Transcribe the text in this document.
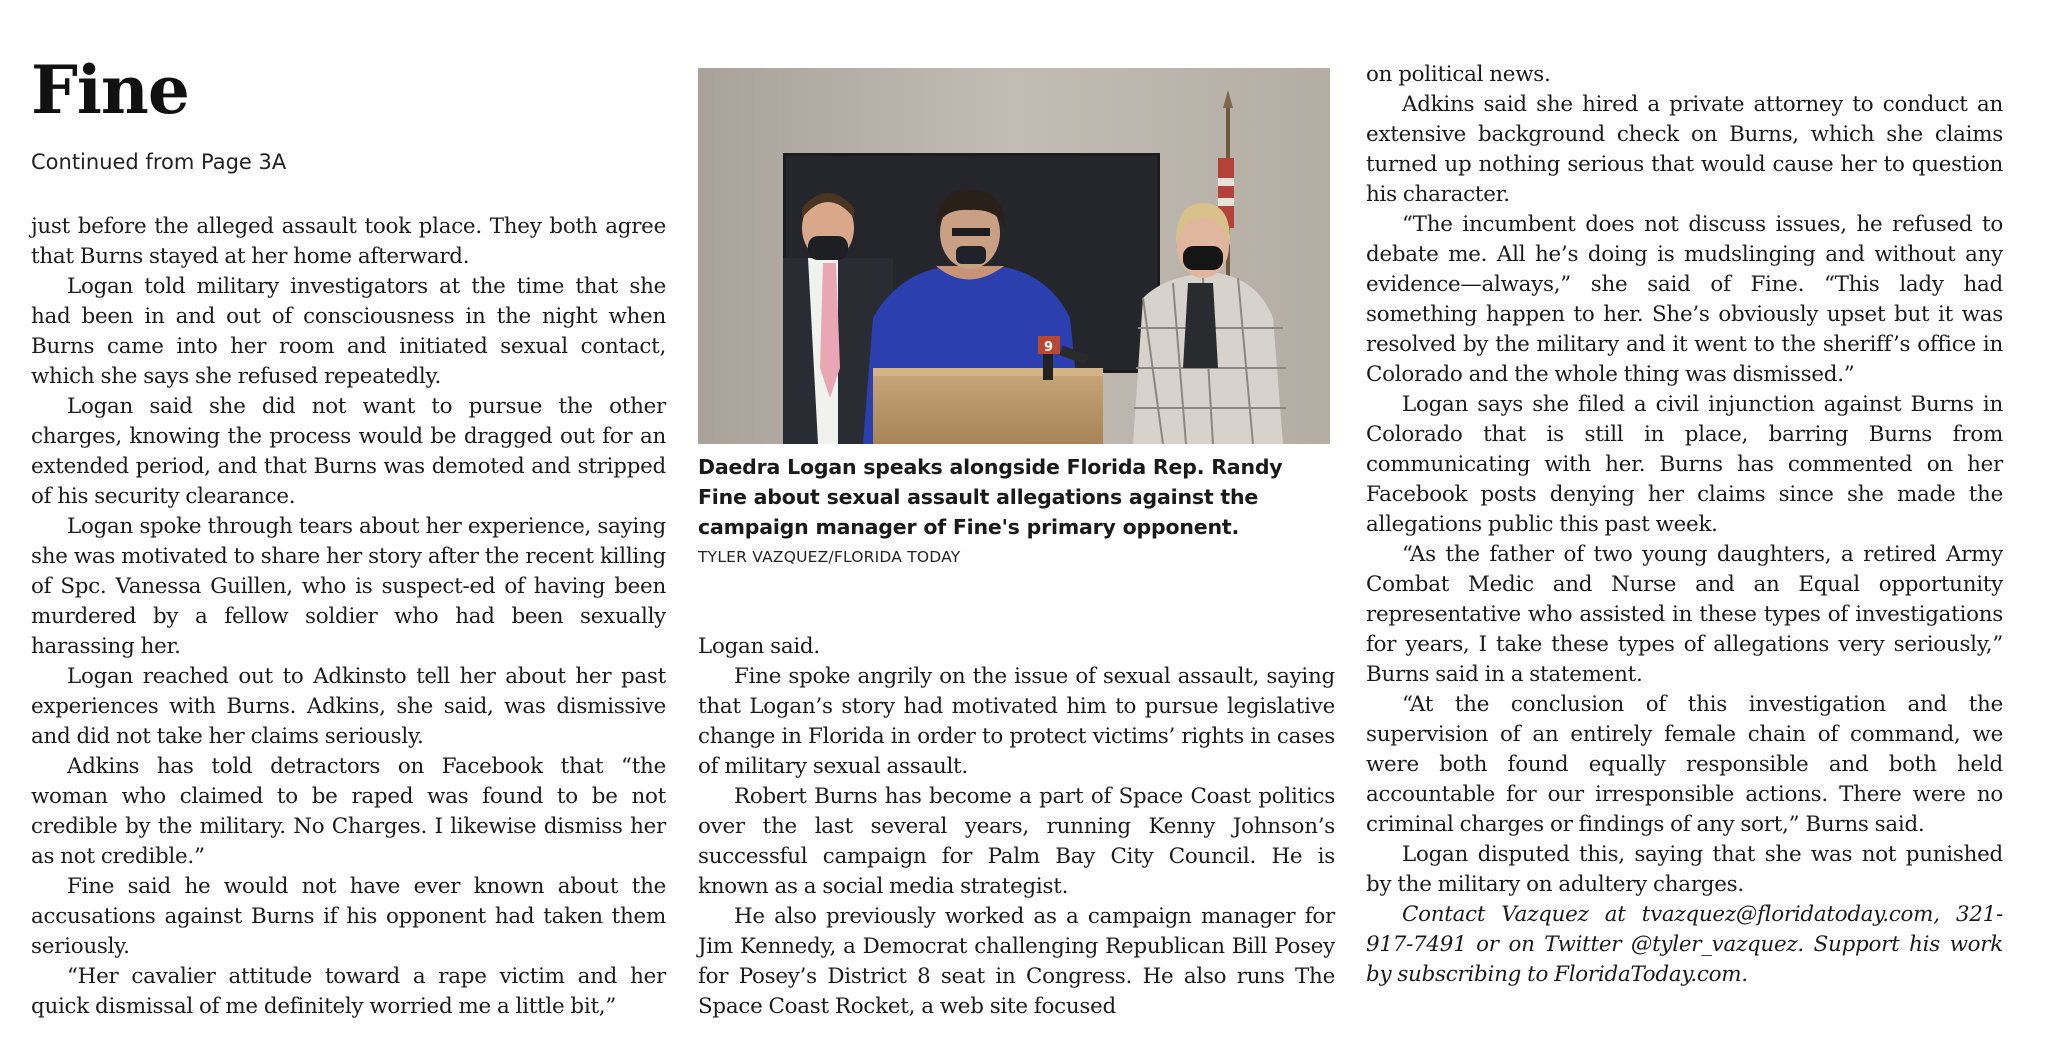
Fine
Continued from Page 3A

just before the alleged assault took place. They both agree that Burns stayed at her home afterward.

Logan told military investigators at the time that she had been in and out of consciousness in the night when Burns came into her room and initiated sexual contact, which she says she refused repeatedly.

Logan said she did not want to pursue the other charges, knowing the process would be dragged out for an extended period, and that Burns was demoted and stripped of his security clearance.

Logan spoke through tears about her experience, saying she was motivated to share her story after the recent killing of Spc. Vanessa Guillen, who is suspect-ed of having been murdered by a fellow soldier who had been sexually harassing her.

Logan reached out to Adkinsto tell her about her past experiences with Burns. Adkins, she said, was dismissive and did not take her claims seriously.

Adkins has told detractors on Facebook that “the woman who claimed to be raped was found to be not credible by the military. No Charges. I likewise dismiss her as not credible.”

Fine said he would not have ever known about the accusations against Burns if his opponent had taken them seriously.

“Her cavalier attitude toward a rape victim and her quick dismissal of me definitely worried me a little bit,”

9
Daedra Logan speaks alongside Florida Rep. Randy Fine about sexual assault allegations against the campaign manager of Fine's primary opponent.
TYLER VAZQUEZ/FLORIDA TODAY

Logan said.

Fine spoke angrily on the issue of sexual assault, saying that Logan’s story had motivated him to pursue legislative change in Florida in order to protect victims’ rights in cases of military sexual assault.

Robert Burns has become a part of Space Coast politics over the last several years, running Kenny Johnson’s successful campaign for Palm Bay City Council. He is known as a social media strategist.

He also previously worked as a campaign manager for Jim Kennedy, a Democrat challenging Republican Bill Posey for Posey’s District 8 seat in Congress. He also runs The Space Coast Rocket, a web site focused

on political news.

Adkins said she hired a private attorney to conduct an extensive background check on Burns, which she claims turned up nothing serious that would cause her to question his character.

“The incumbent does not discuss issues, he refused to debate me. All he’s doing is mudslinging and without any evidence—always,” she said of Fine. “This lady had something happen to her. She’s obviously upset but it was resolved by the military and it went to the sheriff’s office in Colorado and the whole thing was dismissed.”

Logan says she filed a civil injunction against Burns in Colorado that is still in place, barring Burns from communicating with her. Burns has commented on her Facebook posts denying her claims since she made the allegations public this past week.

“As the father of two young daughters, a retired Army Combat Medic and Nurse and an Equal opportunity representative who assisted in these types of investigations for years, I take these types of allegations very seriously,” Burns said in a statement.

“At the conclusion of this investigation and the supervision of an entirely female chain of command, we were both found equally responsible and both held accountable for our irresponsible actions. There were no criminal charges or findings of any sort,” Burns said.

Logan disputed this, saying that she was not punished by the military on adultery charges.

Contact Vazquez at tvazquez@floridatoday.com, 321-917-7491 or on Twitter @tyler_vazquez. Support his work by subscribing to FloridaToday.com.
